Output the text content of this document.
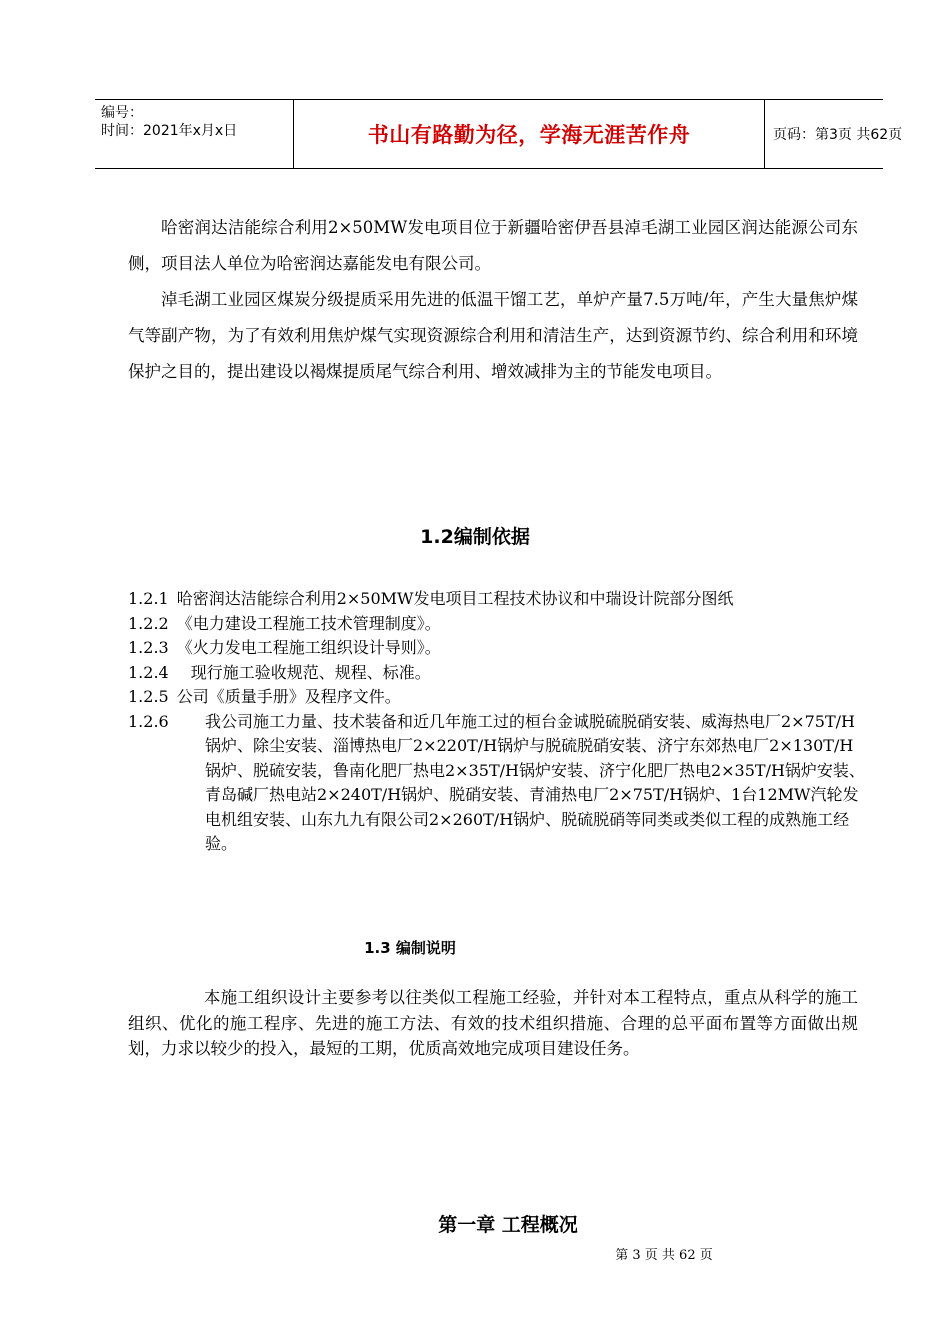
编号：
时间：2021年x月x日	书山有路勤为径，学海无涯苦作舟	页码：第3页 共62页

哈密润达洁能综合利用2×50MW发电项目位于新疆哈密伊吾县淖毛湖工业园区润达能源公司东侧，项目法人单位为哈密润达嘉能发电有限公司。

淖毛湖工业园区煤炭分级提质采用先进的低温干馏工艺，单炉产量7.5万吨/年，产生大量焦炉煤气等副产物，为了有效利用焦炉煤气实现资源综合利用和清洁生产，达到资源节约、综合利用和环境保护之目的，提出建设以褐煤提质尾气综合利用、增效减排为主的节能发电项目。

1.2编制依据
1.2.1 哈密润达洁能综合利用2×50MW发电项目工程技术协议和中瑞设计院部分图纸
1.2.2 《电力建设工程施工技术管理制度》。
1.2.3 《火力发电工程施工组织设计导则》。
1.2.4	现行施工验收规范、规程、标准。
1.2.5 公司《质量手册》及程序文件。
1.2.6	我公司施工力量、技术装备和近几年施工过的桓台金诚脱硫脱硝安装、威海热电厂2×75T/H锅炉、除尘安装、淄博热电厂2×220T/H锅炉与脱硫脱硝安装、济宁东郊热电厂2×130T/H锅炉、脱硫安装，鲁南化肥厂热电2×35T/H锅炉安装、济宁化肥厂热电2×35T/H锅炉安装、青岛碱厂热电站2×240T/H锅炉、脱硝安装、青浦热电厂2×75T/H锅炉、1台12MW汽轮发电机组安装、山东九九有限公司2×260T/H锅炉、脱硫脱硝等同类或类似工程的成熟施工经验。
1.3 编制说明

本施工组织设计主要参考以往类似工程施工经验，并针对本工程特点，重点从科学的施工组织、优化的施工程序、先进的施工方法、有效的技术组织措施、合理的总平面布置等方面做出规划，力求以较少的投入，最短的工期，优质高效地完成项目建设任务。

第一章 工程概况
第 3 页 共 62 页
